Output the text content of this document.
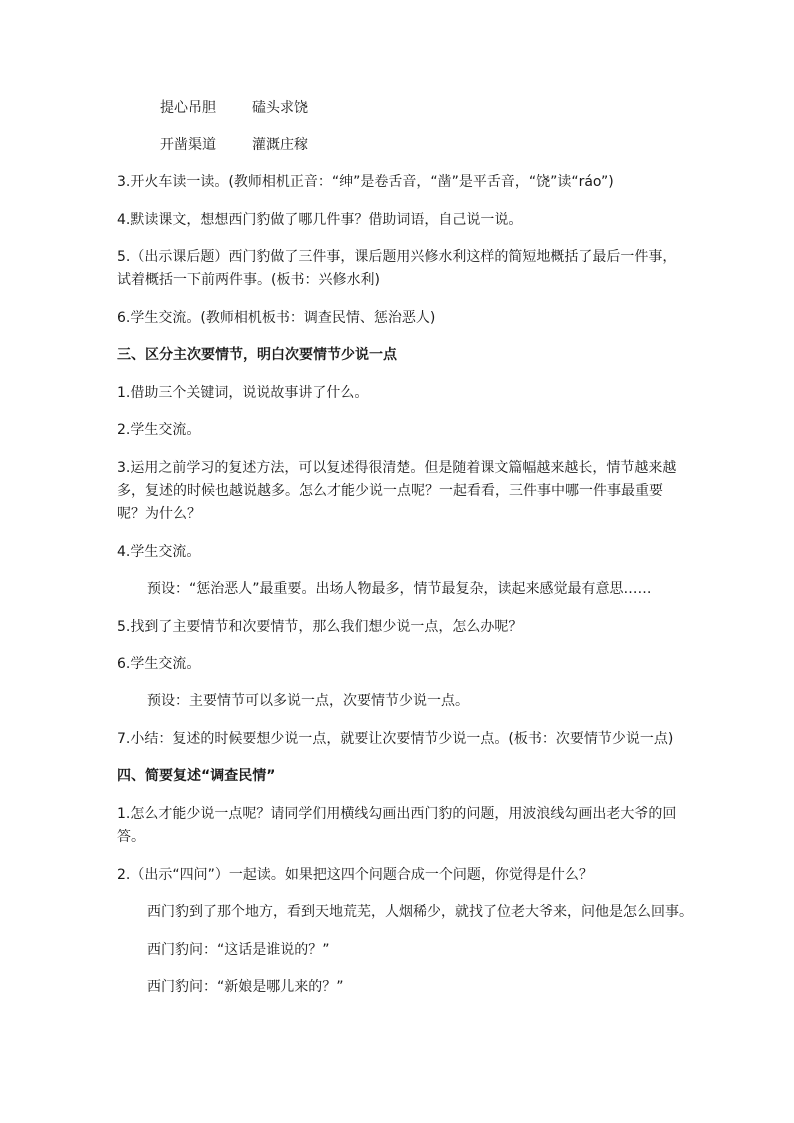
提心吊胆	磕头求饶
开凿渠道	灌溉庄稼
3.开火车读一读。(教师相机正音：“绅”是卷舌音，“凿”是平舌音，“饶”读“ráo”)
4.默读课文，想想西门豹做了哪几件事？借助词语，自己说一说。
5.（出示课后题）西门豹做了三件事，课后题用兴修水利这样的简短地概括了最后一件事，试着概括一下前两件事。(板书：兴修水利)
6.学生交流。(教师相机板书：调查民情、惩治恶人)
三、区分主次要情节，明白次要情节少说一点
1.借助三个关键词，说说故事讲了什么。
2.学生交流。
3.运用之前学习的复述方法，可以复述得很清楚。但是随着课文篇幅越来越长，情节越来越多，复述的时候也越说越多。怎么才能少说一点呢？一起看看，三件事中哪一件事最重要呢？为什么？
4.学生交流。
预设：“惩治恶人”最重要。出场人物最多，情节最复杂，读起来感觉最有意思……
5.找到了主要情节和次要情节，那么我们想少说一点，怎么办呢？
6.学生交流。
预设：主要情节可以多说一点，次要情节少说一点。
7.小结：复述的时候要想少说一点，就要让次要情节少说一点。(板书：次要情节少说一点)
四、简要复述“调查民情”
1.怎么才能少说一点呢？请同学们用横线勾画出西门豹的问题，用波浪线勾画出老大爷的回答。
2.（出示“四问”）一起读。如果把这四个问题合成一个问题，你觉得是什么？
西门豹到了那个地方，看到天地荒芜，人烟稀少，就找了位老大爷来，问他是怎么回事。
西门豹问：“这话是谁说的？”
西门豹问：“新娘是哪儿来的？”
